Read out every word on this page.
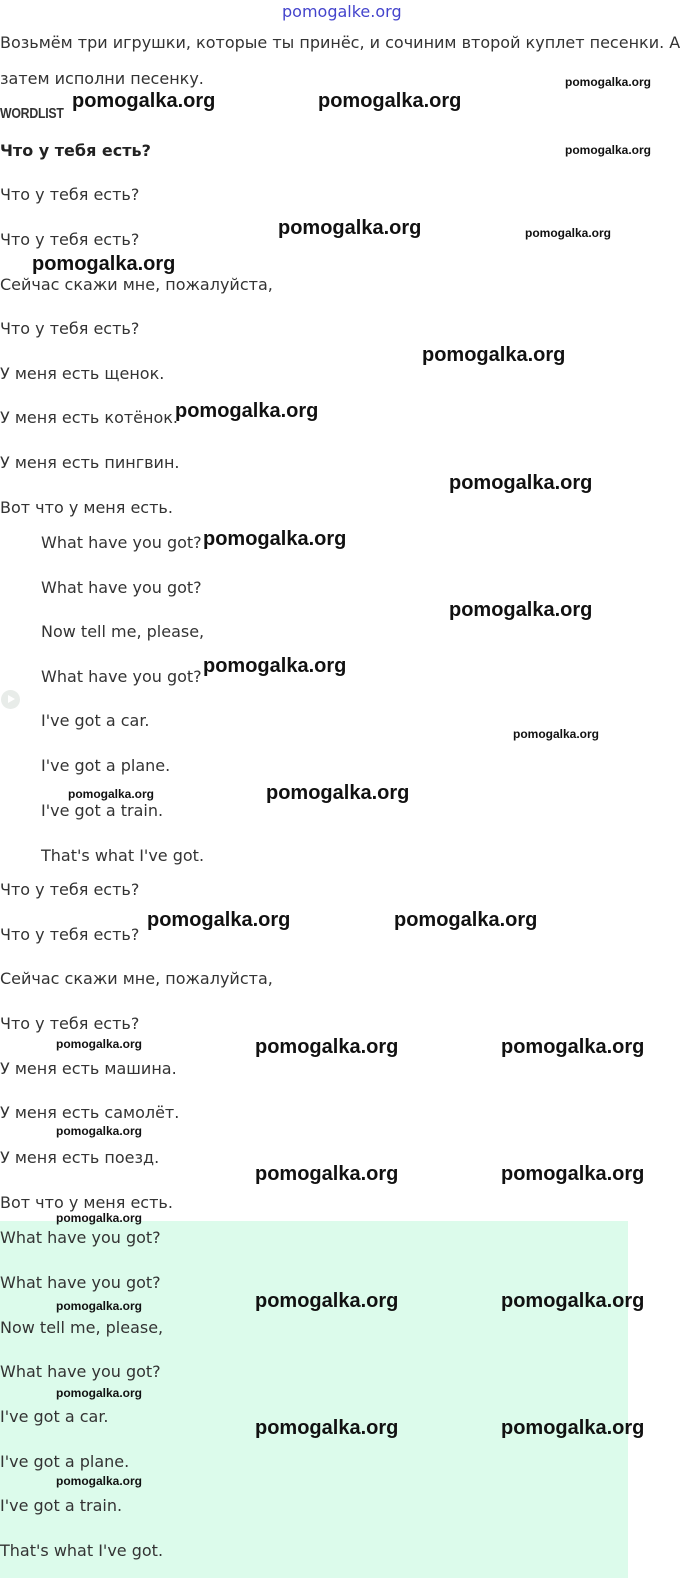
pomogalke.org
Возьмём три игрушки, которые ты принёс, и сочиним второй куплет песенки. А
затем исполни песенку.
WORDLIST
Что у тебя есть?
Что у тебя есть?
Что у тебя есть?
Сейчас скажи мне, пожалуйста,
Что у тебя есть?
У меня есть щенок.
У меня есть котёнок.
У меня есть пингвин.
Вот что у меня есть.
What have you got?
What have you got?
Now tell me, please,
What have you got?
I've got a car.
I've got a plane.
I've got a train.
That's what I've got.
Что у тебя есть?
Что у тебя есть?
Сейчас скажи мне, пожалуйста,
Что у тебя есть?
У меня есть машина.
У меня есть самолёт.
У меня есть поезд.
Вот что у меня есть.
What have you got?
What have you got?
Now tell me, please,
What have you got?
I've got a car.
I've got a plane.
I've got a train.
That's what I've got.
pomogalka.org
pomogalka.org	pomogalka.org
pomogalka.org
pomogalka.org	pomogalka.org
pomogalka.org
pomogalka.org
pomogalka.org
pomogalka.org
pomogalka.org
pomogalka.org
pomogalka.org
pomogalka.org
pomogalka.org	pomogalka.org
pomogalka.org	pomogalka.org
pomogalka.org	pomogalka.org	pomogalka.org
pomogalka.org
pomogalka.org	pomogalka.org
pomogalka.org
pomogalka.org	pomogalka.org
pomogalka.org
pomogalka.org
pomogalka.org	pomogalka.org
pomogalka.org
